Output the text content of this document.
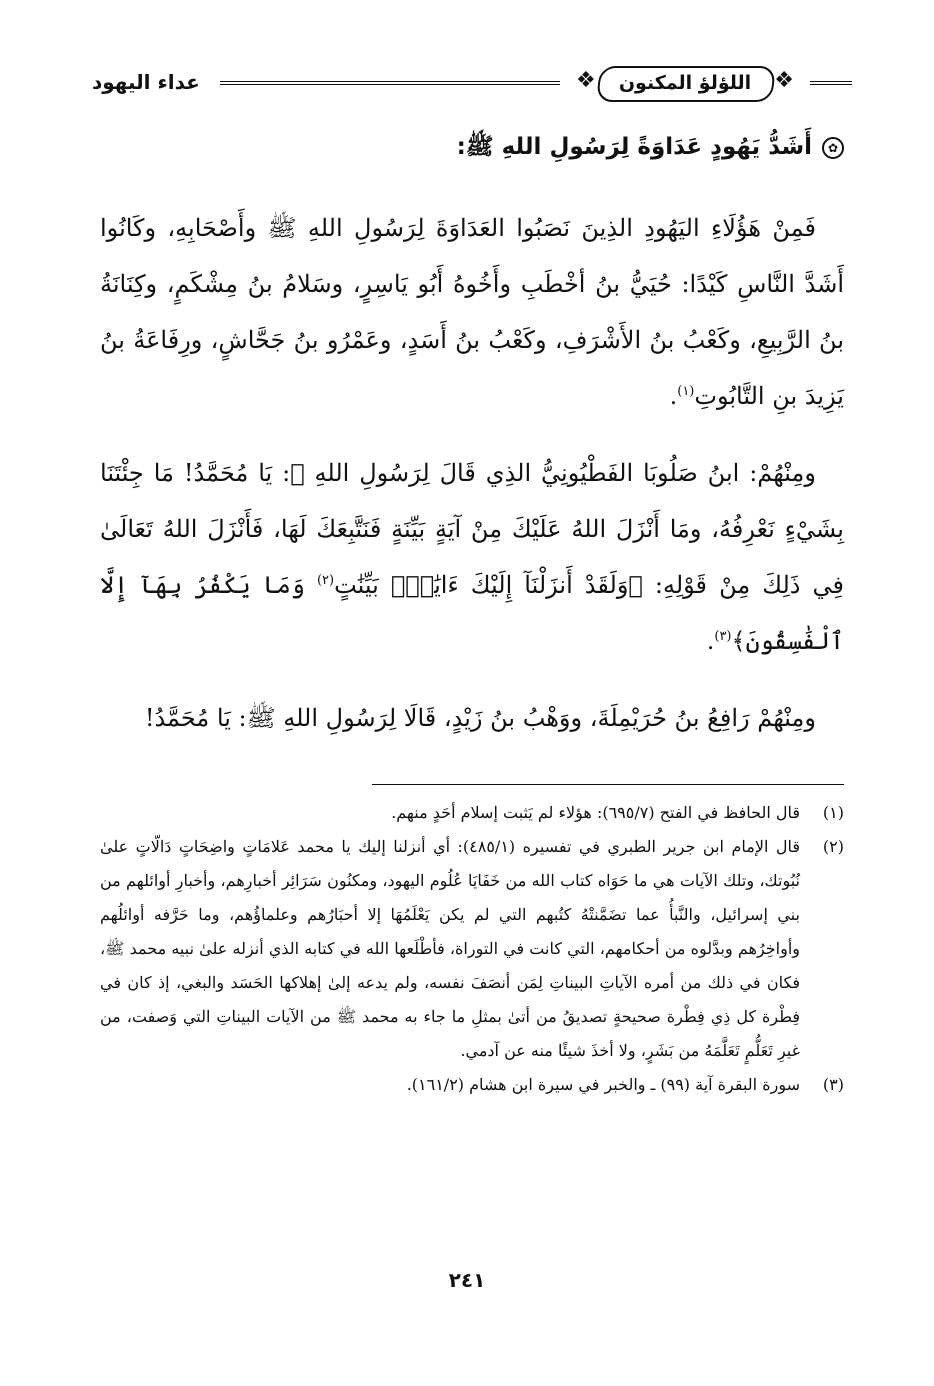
عداء اليهود	❖	❖
اللؤلؤ المكنون
✿أَشَدُّ يَهُودٍ عَدَاوَةً لِرَسُولِ اللهِ ﷺ:

فَمِنْ هَؤُلَاءِ اليَهُودِ الذِينَ نَصَبُوا العَدَاوَةَ لِرَسُولِ اللهِ ﷺ وأَصْحَابِهِ، وكَانُوا أَشَدَّ النَّاسِ كَيْدًا: حُيَيُّ بنُ أخْطَبِ وأَخُوهُ أَبُو يَاسِرٍ، وسَلامُ بنُ مِشْكَمٍ، وكِنَانَةُ بنُ الرَّبِيعِ، وكَعْبُ بنُ الأَشْرَفِ، وكَعْبُ بنُ أَسَدٍ، وعَمْرُو بنُ جَحَّاشٍ، ورِفَاعَةُ بنُ يَزِيدَ بنِ التَّابُوتِ$^{(١)}$.

ومِنْهُمْ: ابنُ صَلُوبَا الفَطْيُونِيُّ الذِي قَالَ لِرَسُولِ اللهِ ﷺ: يَا مُحَمَّدُ! مَا جِئْتَنَا بِشَيْءٍ نَعْرِفُهُ، ومَا أَنْزَلَ اللهُ عَلَيْكَ مِنْ آيَةٍ بَيِّنَةٍ فَنَتَّبِعَكَ لَهَا، فَأَنْزَلَ اللهُ تَعَالَىٰ فِي ذَلِكَ مِنْ قَوْلِهِ: ﴿وَلَقَدْ أَنزَلْنَآ إِلَيْكَ ءَايَٰتٍۭ بَيِّنَٰتٍ$^{(٢)}$ وَمَا يَكْفُرُ بِهَآ إِلَّا ٱلْفَٰسِقُونَ﴾$^{(٣)}$.

ومِنْهُمْ رَافِعُ بنُ حُرَيْمِلَةَ، ووَهْبُ بنُ زَيْدٍ، قَالَا لِرَسُولِ اللهِ ﷺ: يَا مُحَمَّدُ!

(١)
قال الحافظ في الفتح (٦٩٥/٧): هؤلاء لم يَثبت إسلام أحَدٍ منهم.
(٢)
قال الإمام ابن جرير الطبري في تفسيره (٤٨٥/١): أي أنزلنا إليك يا محمد عَلامَاتٍ واضِحَاتٍ دَالّاتٍ علىٰ نُبُوتك، وتلك الآيات هي ما حَوَاه كتاب الله من خَفَايَا عُلُوم اليهود، ومكنُون سَرَائِر أخبارِهم، وأخبارِ أوائلهم من بني إسرائيل، والنَّبأُ عما تضَمَّنتْهُ كتُبهم التي لم يكن يَعْلَمُهَا إلا أحبَارُهم وعلماؤُهم، وما حَرَّفه أوائلُهم وأواخِرُهم وبدَّلوه من أحكامهم، التي كانت في التوراة، فأطْلَعها الله في كتابه الذي أنزله علىٰ نبيه محمد ﷺ، فكان في ذلك من أمره الآياتِ البيناتِ لِمَن أنصَفَ نفسه، ولم يدعه إلىٰ إهلاكها الحَسَد والبغي، إذ كان في فِطْرة كل ذِي فِطْرة صحيحةٍ تصديقُ من أتىٰ بمثلِ ما جاء به محمد ﷺ من الآيات البيناتِ التي وَصفت، من غيرِ تَعَلُّمٍ تَعَلَّمَهُ من بَشَرٍ، ولا أخذَ شيئًا منه عن آدمي.
(٣)
سورة البقرة آية (٩٩) ـ والخبر في سيرة ابن هشام (١٦١/٢).
٢٤١
